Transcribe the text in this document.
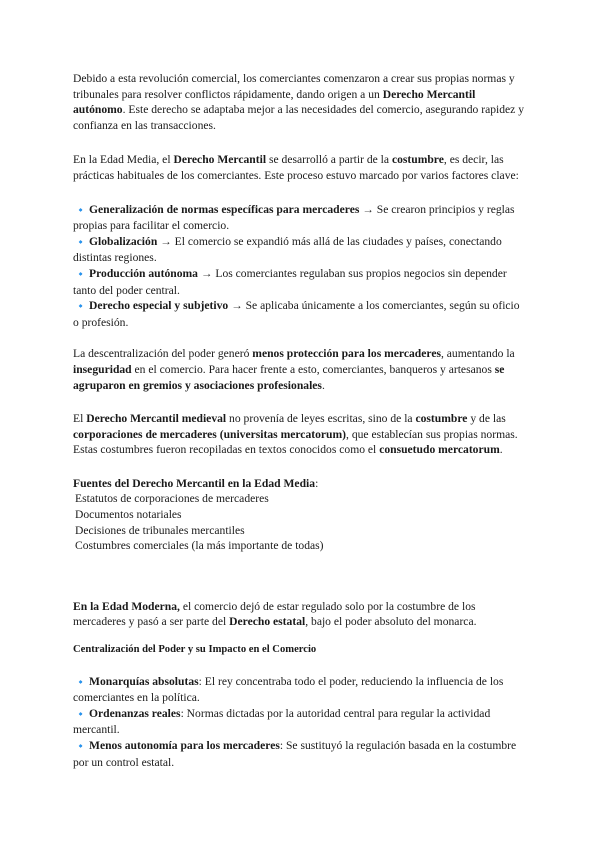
Debido a esta revolución comercial, los comerciantes comenzaron a crear sus propias normas y tribunales para resolver conflictos rápidamente, dando origen a un Derecho Mercantil autónomo. Este derecho se adaptaba mejor a las necesidades del comercio, asegurando rapidez y confianza en las transacciones.

En la Edad Media, el Derecho Mercantil se desarrolló a partir de la costumbre, es decir, las prácticas habituales de los comerciantes. Este proceso estuvo marcado por varios factores clave:

🔹 Generalización de normas específicas para mercaderes → Se crearon principios y reglas propias para facilitar el comercio.
🔹 Globalización → El comercio se expandió más allá de las ciudades y países, conectando distintas regiones.
🔹 Producción autónoma → Los comerciantes regulaban sus propios negocios sin depender tanto del poder central.
🔹 Derecho especial y subjetivo → Se aplicaba únicamente a los comerciantes, según su oficio o profesión.

La descentralización del poder generó menos protección para los mercaderes, aumentando la inseguridad en el comercio. Para hacer frente a esto, comerciantes, banqueros y artesanos se agruparon en gremios y asociaciones profesionales.

El Derecho Mercantil medieval no provenía de leyes escritas, sino de la costumbre y de las corporaciones de mercaderes (universitas mercatorum), que establecían sus propias normas. Estas costumbres fueron recopiladas en textos conocidos como el consuetudo mercatorum.

Fuentes del Derecho Mercantil en la Edad Media:

Estatutos de corporaciones de mercaderes
Documentos notariales
Decisiones de tribunales mercantiles
Costumbres comerciales (la más importante de todas)

En la Edad Moderna, el comercio dejó de estar regulado solo por la costumbre de los mercaderes y pasó a ser parte del Derecho estatal, bajo el poder absoluto del monarca.

Centralización del Poder y su Impacto en el Comercio
🔹 Monarquías absolutas: El rey concentraba todo el poder, reduciendo la influencia de los comerciantes en la política.
🔹 Ordenanzas reales: Normas dictadas por la autoridad central para regular la actividad mercantil.
🔹 Menos autonomía para los mercaderes: Se sustituyó la regulación basada en la costumbre por un control estatal.
